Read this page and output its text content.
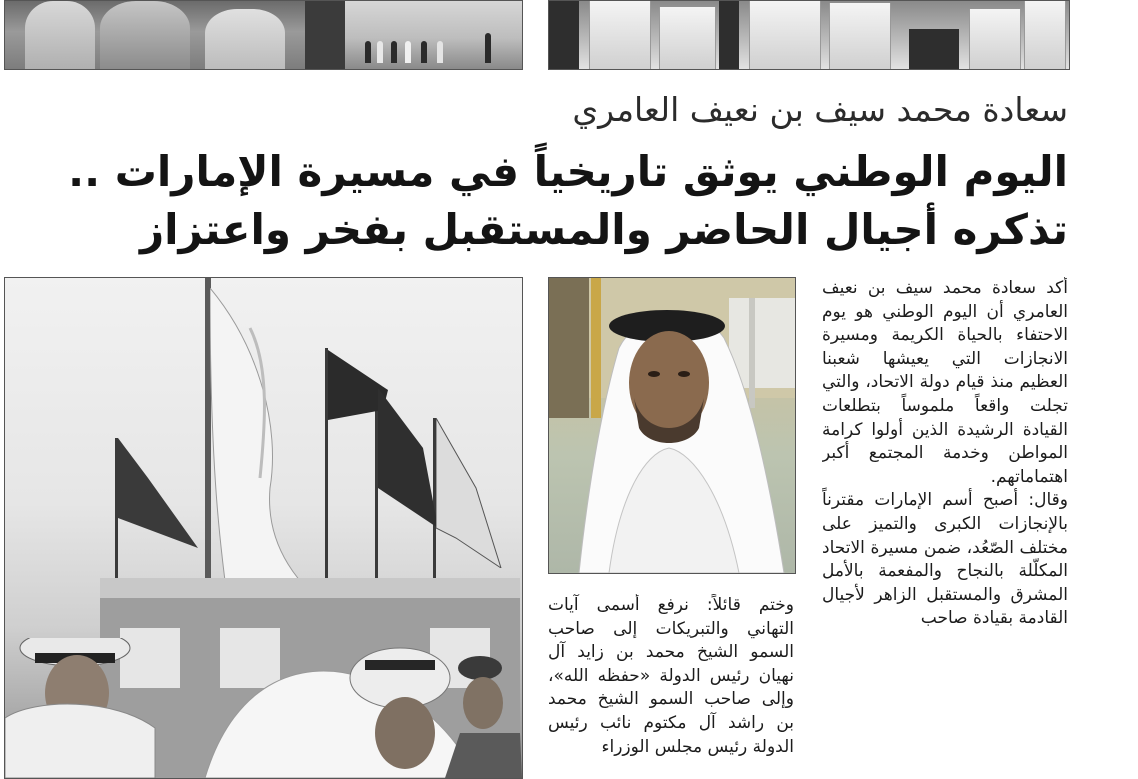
سعادة محمد سيف بن نعيف العامري
اليوم الوطني يوثق تاريخياً في مسيرة الإمارات ..
تذكره أجيال الحاضر والمستقبل بفخر واعتزاز

أكد سعادة محمد سيف بن نعيف العامري أن اليوم الوطني هو يوم الاحتفاء بالحياة الكريمة ومسيرة الانجازات التي يعيشها شعبنا العظيم منذ قيام دولة الاتحاد، والتي تجلت واقعاً ملموساً بتطلعات القيادة الرشيدة الذين أولوا كرامة المواطن وخدمة المجتمع أكبر اهتماماتهم.

وقال: أصبح أسم الإمارات مقترناً بالإنجازات الكبرى والتميز على مختلف الصّعُد، ضمن مسيرة الاتحاد المكلّلة بالنجاح والمفعمة بالأمل المشرق والمستقبل الزاهر لأجيال القادمة بقيادة صاحب

وختم قائلاً: نرفع أسمى آيات التهاني والتبريكات إلى صاحب السمو الشيخ محمد بن زايد آل نهيان رئيس الدولة «حفظه الله»، وإلى صاحب السمو الشيخ محمد بن راشد آل مكتوم نائب رئيس الدولة رئيس مجلس الوزراء
